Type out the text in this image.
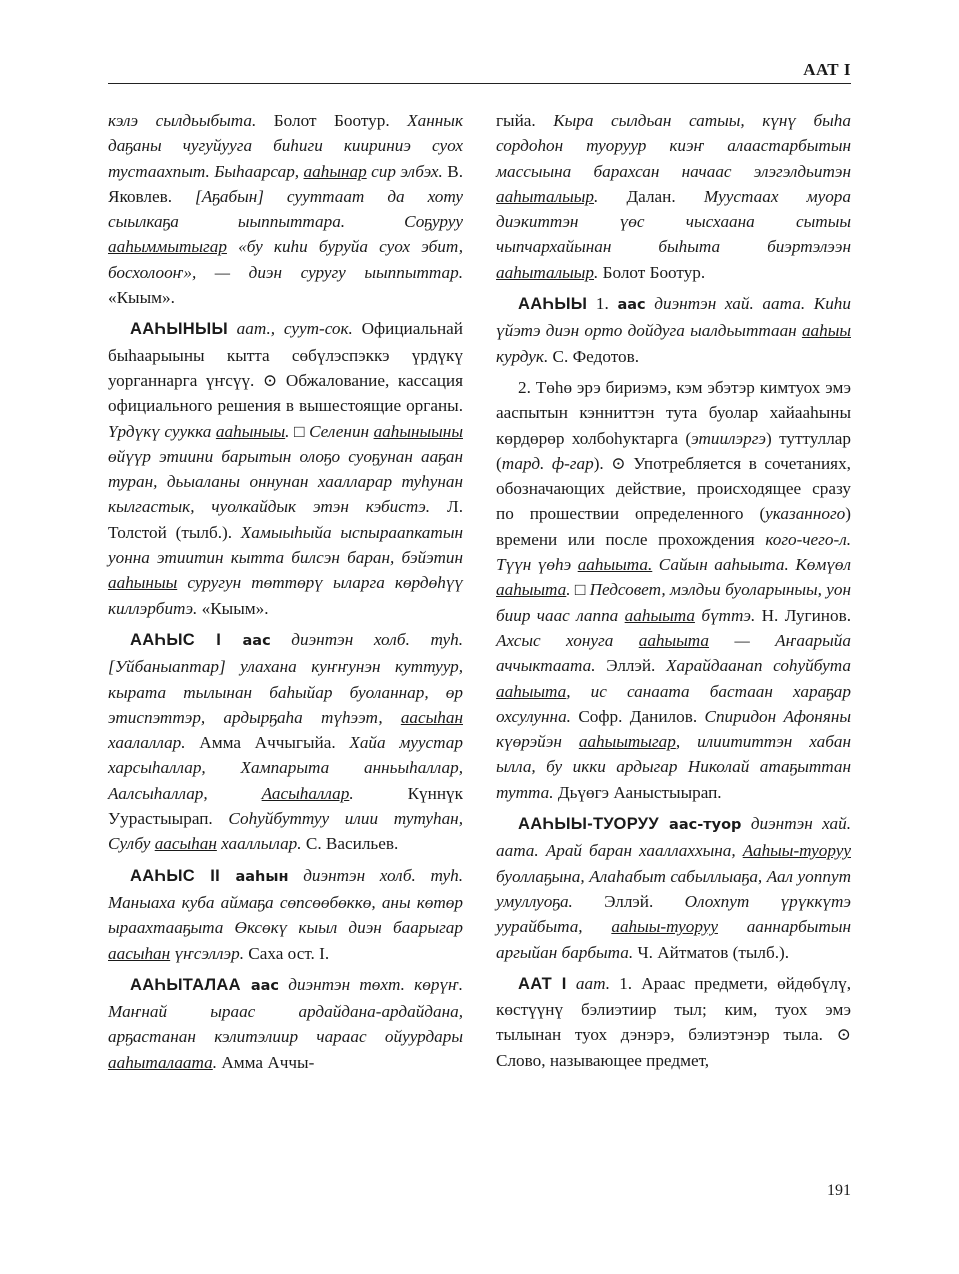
ААТ I

кэлэ сылдьыбыта. Болот Боотур. Ханнык даҕаны чугуйууга биһиги киириниэ суох тустаахпыт. Быһаарсар, ааһынар сир элбэх. В. Яковлев. [Аҕабын] сууттаат да хоту сыылкаҕа ыыппыттара. Соҕуруу ааһыммытыгар «бу киһи буруйа суох эбит, босхолооҥ», — диэн суругу ыыппыттар. «Кыым».

ААҺЫНЫЫ аат., суут-сок. Официальнай быһаарыыны кытта сөбүлэспэккэ үрдүкү уорганнарга үҥсүү. ⊙ Обжалование, кассация официального решения в вышестоящие органы. Үрдүкү суукка ааһыныы. □ Селенин ааһыныыны өйүүр этиини барытын олоҕо суоҕунан ааҕан туран, дьыаланы оннунан хаалларар туһунан кылгастык, чуолкайдык этэн кэбистэ. Л. Толстой (тылб.). Хамыыһыйа ыспыраапкатын уонна этиитин кытта билсэн баран, бэйэтин ааһыныы суругун төттөрү ыларга көрдөһүү киллэрбитэ. «Кыым».

ААҺЫС I аас диэнтэн холб. туһ. [Уйбаныаптар] улахана куҥҥунэн куттуур, кырата тылынан баһыйар буоланнар, өр этиспэттэр, ардырҕаһа түһээт, аасыһан хаалаллар. Амма Аччыгыйа. Хайа муустар харсыһаллар, Хампарыта анньыһаллар, Аалсыһаллар, Аасыһаллар. Күннүк Уурастыырап. Соһуйбуттуу илии тутуһан, Сулбу аасыһан хааллылар. С. Васильев.

ААҺЫС II ааһын диэнтэн холб. туһ. Маныаха куба аймаҕа сөпсөөбөккө, аны көтөр ыраахтааҕыта Өксөкү кыыл диэн баарыгар аасыһан үҥсэллэр. Саха ост. I.

ААҺЫТАЛАА аас диэнтэн төхт. көрүҥ. Маҥнай ыраас ардайдана-ардайдана, арҕастанан кэлитэлиир чараас ойуурдары ааһыталаата. Амма Аччы-

гыйа. Кыра сылдьан сатыы, күнү быһа сордоһон туоруур киэҥ алаастарбытын массыына барахсан начаас элэгэлдьитэн ааһыталыыр. Далан. Муустаах муора диэкиттэн үөс чысхаана сытыы чыпчархайынан быһыта биэртэлээн ааһыталыыр. Болот Боотур.

ААҺЫЫ 1. аас диэнтэн хай. аата. Киһи үйэтэ диэн орто дойдуга ыалдьыттаан ааһыы курдук. С. Федотов.

2. Төһө эрэ бириэмэ, кэм эбэтэр кимтуох эмэ ааспытын кэнниттэн тута буолар хайааһыны көрдөрөр холбоһуктарга (этиилэргэ) туттуллар (тард. ф-гар). ⊙ Употребляется в сочетаниях, обозначающих действие, происходящее сразу по прошествии определенного (указанного) времени или после прохождения кого-чего-л. Түүн үөһэ ааһыыта. Сайын ааһыыта. Көмүөл ааһыыта. □ Педсовет, мэлдьи буоларыныы, уон биир чаас лаппа ааһыыта бүттэ. Н. Лугинов. Ахсыс хонуга ааһыыта — Аҥаарыйа аччыктаата. Эллэй. Харайдаанап соһуйбута ааһыыта, ис санаата бастаан хараҕар охсулунна. Софр. Данилов. Спиридон Афоняны күөрэйэн ааһыытыгар, илиититтэн хабан ылла, бу икки ардыгар Николай атаҕыттан тутта. Дьүөгэ Ааныстыырап.

ААҺЫЫ-ТУОРУУ аас-туор диэнтэн хай. аата. Арай баран хааллаххына, Ааһыы-туоруу буоллаҕына, Алаһабыт сабыллыаҕа, Аал уоппут умуллуоҕа. Эллэй. Олохпут үрүккүтэ уурайбыта, ааһыы-туоруу ааннарбытын аргыйан барбыта. Ч. Айтматов (тылб.).

ААТ I аат. 1. Араас предмети, өйдөбүлү, көстүүнү бэлиэтиир тыл; ким, туох эмэ тылынан туох дэнэрэ, бэлиэтэнэр тыла. ⊙ Слово, называющее предмет,

191
